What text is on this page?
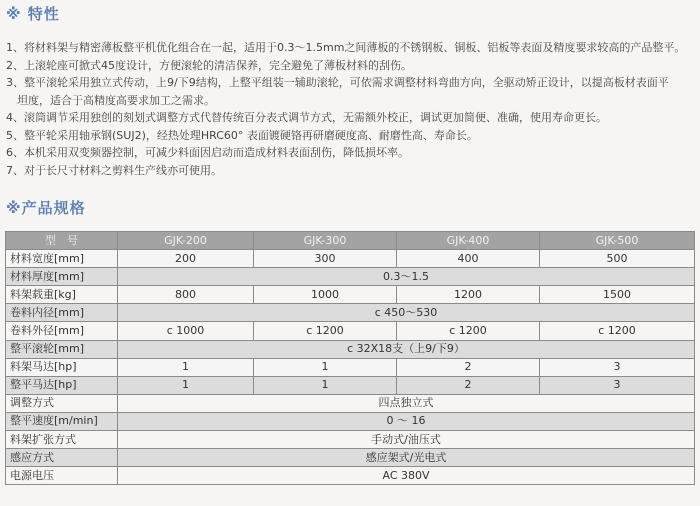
※ 特性
1、将材料架与精密薄板整平机优化组合在一起，适用于0.3～1.5mm之间薄板的不锈钢板、铜板、铝板等表面及精度要求较高的产品整平。
2、上滚轮座可掀式45度设计，方便滚轮的清洁保养，完全避免了薄板材料的刮伤。
3、整平滚轮采用独立式传动，上9/下9结构，上整平组装一辅助滚轮，可依需求调整材料弯曲方向，全驱动矫正设计，以提高板材表面平
坦度，适合于高精度高要求加工之需求。
4、滚筒调节采用独创的刻划式调整方式代替传统百分表式调节方式，无需额外校正，调试更加简便、准确，使用寿命更长。
5、整平轮采用轴承钢(SUJ2)，经热处理HRC60° 表面镀硬铬再研磨硬度高、耐磨性高、寿命长。
6、本机采用双变频器控制，可减少料面因启动而造成材料表面刮伤，降低损坏率。
7、对于长尺寸材料之剪料生产线亦可使用。
※产品规格
型　号	GJK-200	GJK-300	GJK-400	GJK-500
材料宽度[mm]	200	300	400	500
材料厚度[mm]	0.3～1.5			
料架载重[kg]	800	1000	1200	1500
卷料内径[mm]	c 450～530			
卷料外径[mm]	c 1000	c 1200	c 1200	c 1200
整平滚轮[mm]	c 32X18支（上9/下9）			
料架马达[hp]	1	1	2	3
整平马达[hp]	1	1	2	3
调整方式	四点独立式			
整平速度[m/min]	0 ～ 16			
料架扩张方式	手动式/油压式			
感应方式	感应架式/光电式			
电源电压	AC 380V			
